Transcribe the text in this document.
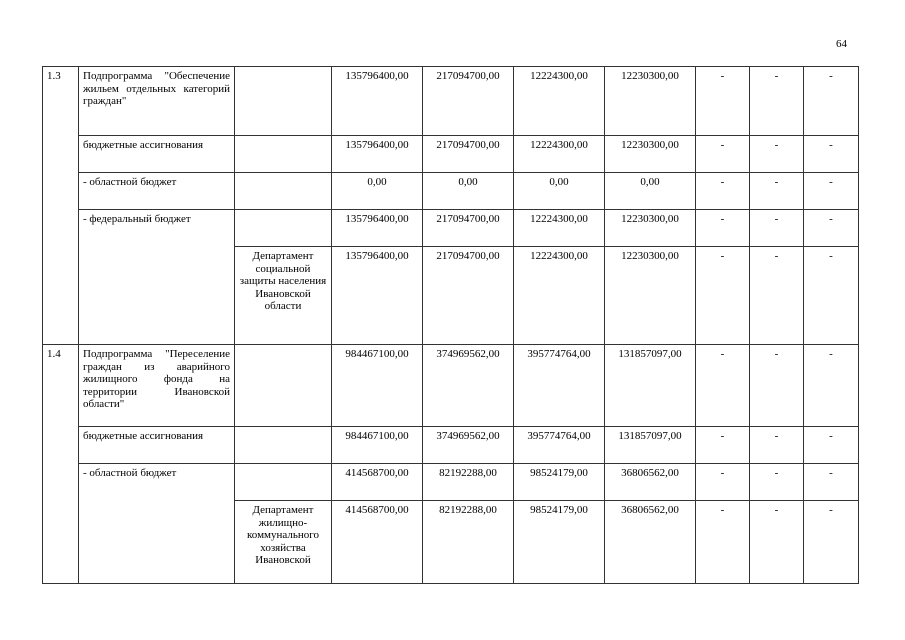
64
1.3	Подпрограмма "Обеспечение жильем отдельных категорий граждан"		135796400,00	217094700,00	12224300,00	12230300,00	-	-	-
	бюджетные ассигнования		135796400,00	217094700,00	12224300,00	12230300,00	-	-	-
	- областной бюджет		0,00	0,00	0,00	0,00	-	-	-
	- федеральный бюджет		135796400,00	217094700,00	12224300,00	12230300,00	-	-	-
		Департамент социальной защиты населения Ивановской области	135796400,00	217094700,00	12224300,00	12230300,00	-	-	-
1.4	Подпрограмма "Переселение граждан из аварийного жилищного фонда на территории Ивановской области"		984467100,00	374969562,00	395774764,00	131857097,00	-	-	-
	бюджетные ассигнования		984467100,00	374969562,00	395774764,00	131857097,00	-	-	-
	- областной бюджет		414568700,00	82192288,00	98524179,00	36806562,00	-	-	-
		Департамент жилищно-коммунального хозяйства Ивановской	414568700,00	82192288,00	98524179,00	36806562,00	-	-	-
